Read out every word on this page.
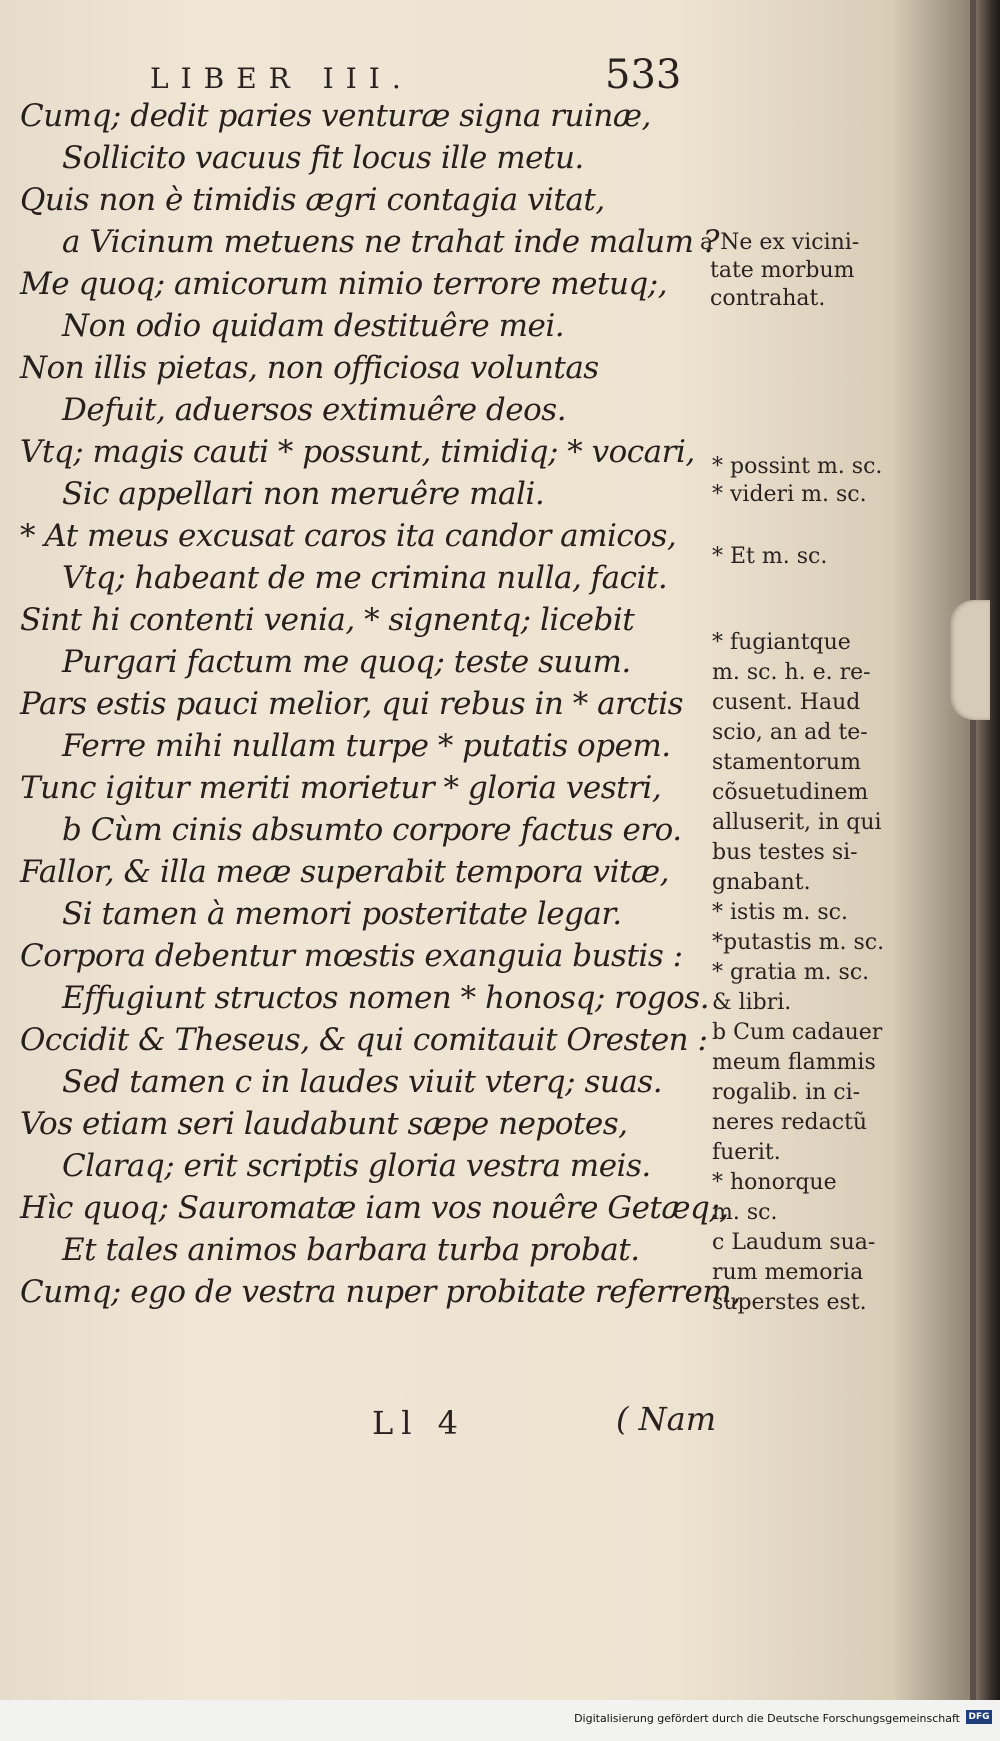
LIBER III.	533
Cumq; dedit paries venturæ signa ruinæ,
Sollicito vacuus fit locus ille metu.
Quis non è timidis ægri contagia vitat,
a Vicinum metuens ne trahat inde malum ?
Me quoq; amicorum nimio terrore metuq;,
Non odio quidam destituêre mei.
Non illis pietas, non officiosa voluntas
Defuit, aduersos extimuêre deos.
Vtq; magis cauti * possunt, timidiq; * vocari,
Sic appellari non meruêre mali.
* At meus excusat caros ita candor amicos,
Vtq; habeant de me crimina nulla, facit.
Sint hi contenti venia, * signentq; licebit
Purgari factum me quoq; teste suum.
Pars estis pauci melior, qui rebus in * arctis
Ferre mihi nullam turpe * putatis opem.
Tunc igitur meriti morietur * gloria vestri,
b Cùm cinis absumto corpore factus ero.
Fallor, & illa meæ superabit tempora vitæ,
Si tamen à memori posteritate legar.
Corpora debentur mœstis exanguia bustis :
Effugiunt structos nomen * honosq; rogos.
Occidit & Theseus, & qui comitauit Oresten :
Sed tamen c in laudes viuit vterq; suas.
Vos etiam seri laudabunt sæpe nepotes,
Claraq; erit scriptis gloria vestra meis.
Hìc quoq; Sauromatæ iam vos nouêre Getæq;,
Et tales animos barbara turba probat.
Cumq; ego de vestra nuper probitate referrem,
a Ne ex vicini-
tate morbum
contrahat.
* possint m. sc.
* videri m. sc.
* Et m. sc.
* fugiantque
m. sc. h. e. re-
cusent. Haud
scio, an ad te-
stamentorum
cõsuetudinem
alluserit, in qui
bus testes si-
gnabant.
* istis m. sc.
*putastis m. sc.
* gratia m. sc.
& libri.
b Cum cadauer
meum flammis
rogalib. in ci-
neres redactũ
fuerit.
* honorque
m. sc.
c Laudum sua-
rum memoria
superstes est.
Ll 4	( Nam
Digitalisierung gefördert durch die Deutsche Forschungsgemeinschaft DFG
